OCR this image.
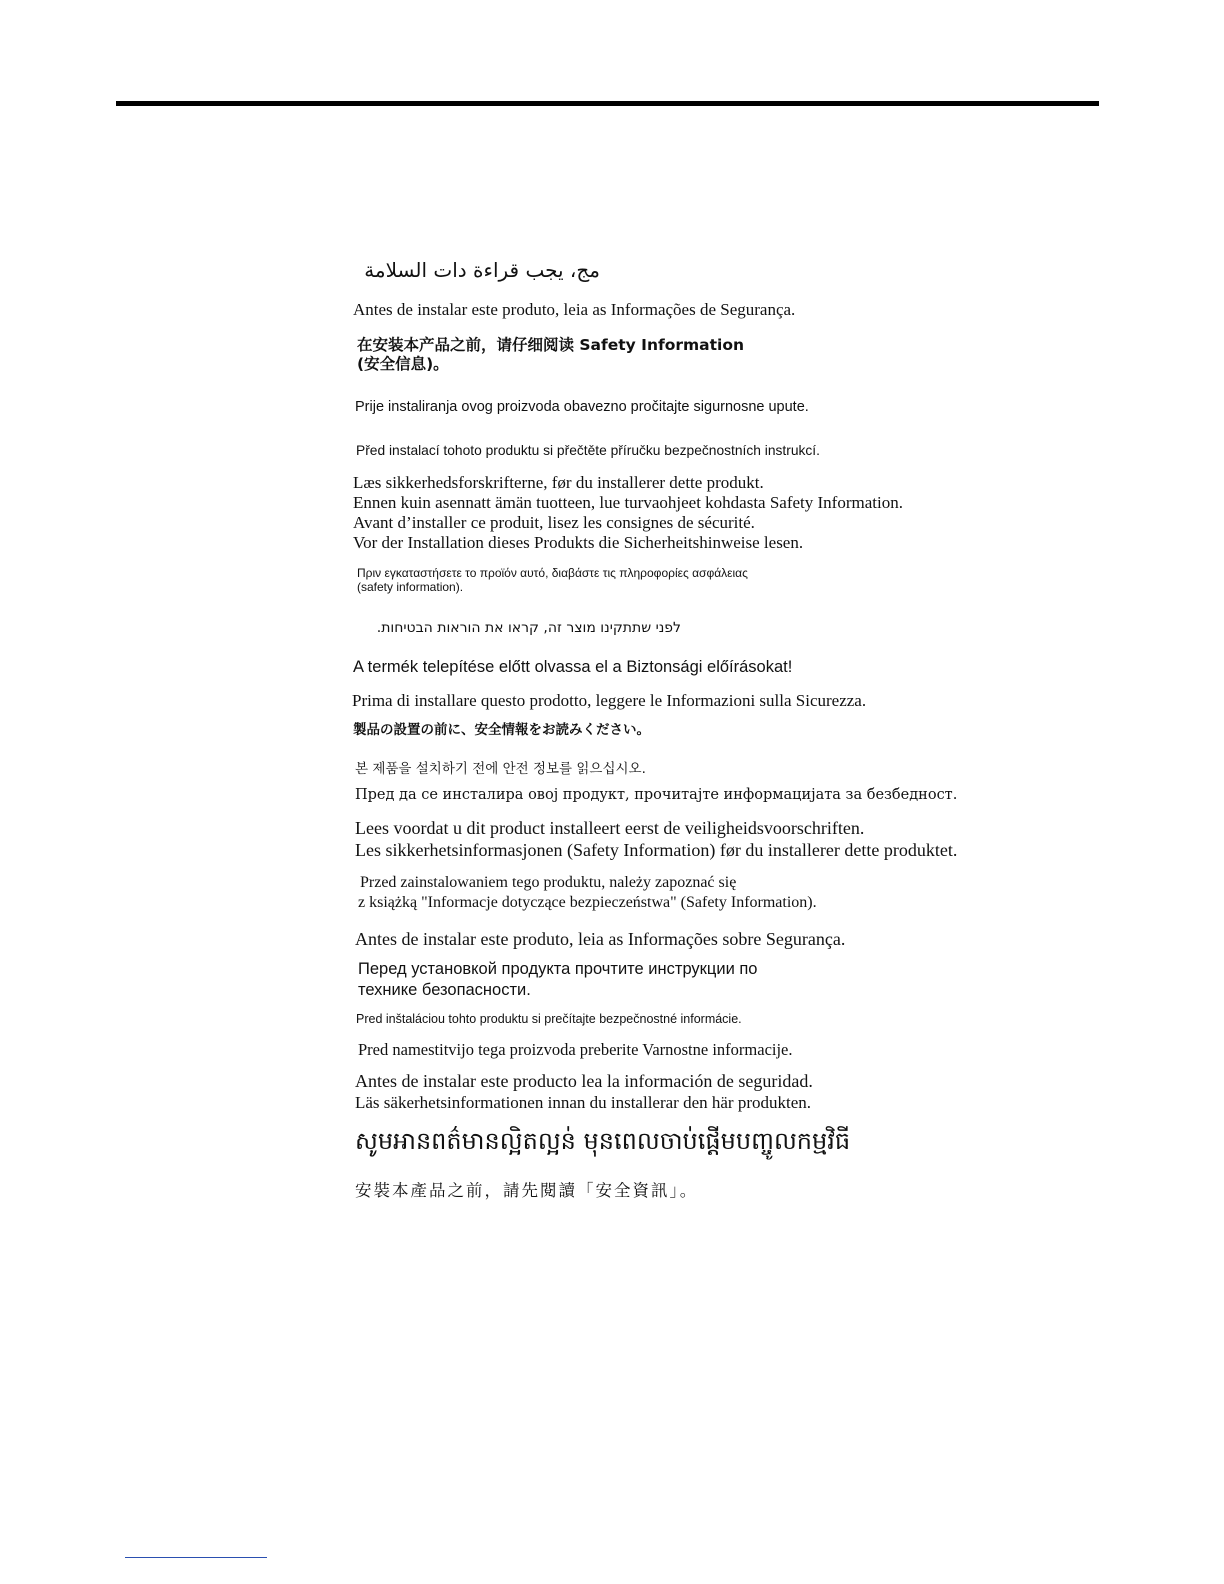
مج، يجب قراءة دات السلامة

Antes de instalar este produto, leia as Informações de Segurança.

在安装本产品之前，请仔细阅读 Safety Information

(安全信息)。

Prije instaliranja ovog proizvoda obavezno pročitajte sigurnosne upute.

Před instalací tohoto produktu si přečtěte příručku bezpečnostních instrukcí.

Læs sikkerhedsforskrifterne, før du installerer dette produkt.

Ennen kuin asennatt ämän tuotteen, lue turvaohjeet kohdasta Safety Information.

Avant d’installer ce produit, lisez les consignes de sécurité.

Vor der Installation dieses Produkts die Sicherheitshinweise lesen.

Πριν εγκαταστήσετε το προϊόν αυτό, διαβάστε τις πληροφορίες ασφάλειας

(safety information).

לפני שתתקינו מוצר זה, קראו את הוראות הבטיחות.

A termék telepítése előtt olvassa el a Biztonsági előírásokat!

Prima di installare questo prodotto, leggere le Informazioni sulla Sicurezza.

製品の設置の前に、安全情報をお読みください。

본 제품을 설치하기 전에 안전 정보를 읽으십시오.

Пред да се инсталира овој продукт, прочитајте информацијата за безбедност.

Lees voordat u dit product installeert eerst de veiligheidsvoorschriften.

Les sikkerhetsinformasjonen (Safety Information) før du installerer dette produktet.

Przed zainstalowaniem tego produktu, należy zapoznać się

z książką "Informacje dotyczące bezpieczeństwa" (Safety Information).

Antes de instalar este produto, leia as Informações sobre Segurança.

Перед установкой продукта прочтите инструкции по

технике безопасности.

Pred inštaláciou tohto produktu si prečítajte bezpečnostné informácie.

Pred namestitvijo tega proizvoda preberite Varnostne informacije.

Antes de instalar este producto lea la información de seguridad.

Läs säkerhetsinformationen innan du installerar den här produkten.

សូមអានពត៌មានល្អិតល្អន់ មុនពេលចាប់ផ្តើមបញ្ចូលកម្មវិធី

安裝本產品之前，請先閱讀「安全資訊」。
